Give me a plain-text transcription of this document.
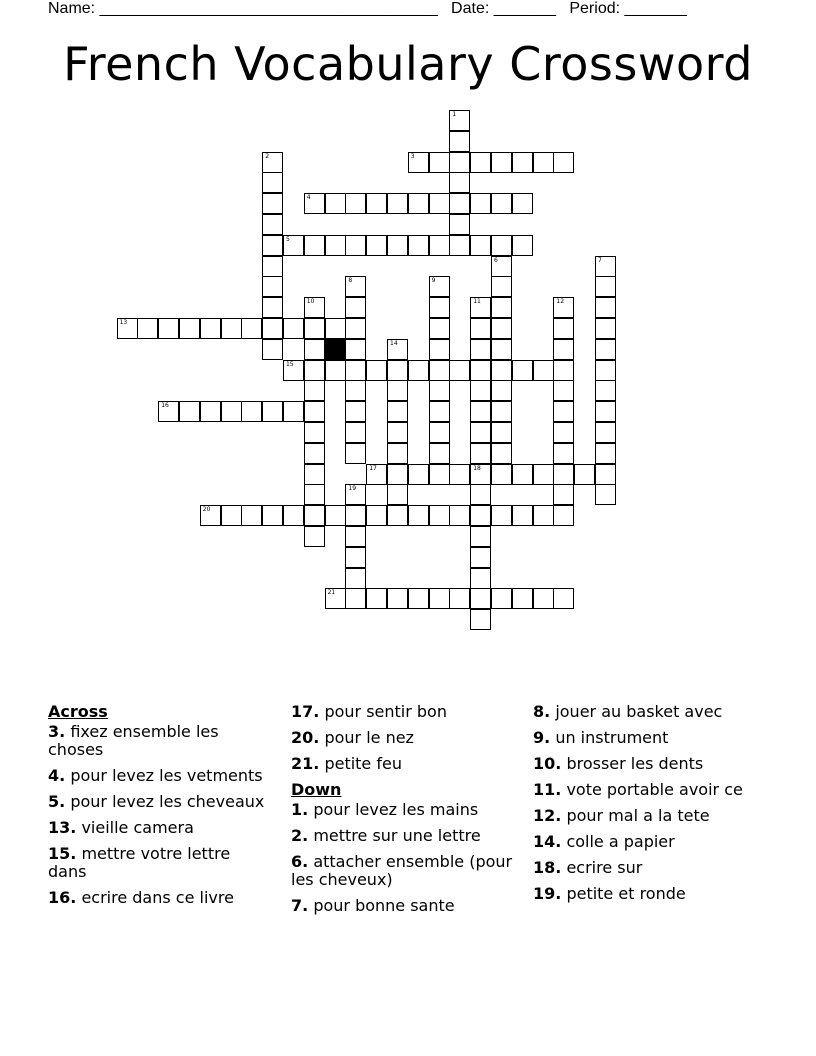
Name: ______________________________________   Date: _______   Period: _______
French Vocabulary Crossword
1
2	3
4
5
6	7
8	9
10	11	12
13
14
15
16
17	18
19
20
21
Across
3. fixez ensemble les choses
4. pour levez les vetments
5. pour levez les cheveaux
13. vieille camera
15. mettre votre lettre dans
16. ecrire dans ce livre
17. pour sentir bon
20. pour le nez
21. petite feu
Down
1. pour levez les mains
2. mettre sur une lettre
6. attacher ensemble (pour les cheveux)
7. pour bonne sante
8. jouer au basket avec
9. un instrument
10. brosser les dents
11. vote portable avoir ce
12. pour mal a la tete
14. colle a papier
18. ecrire sur
19. petite et ronde
